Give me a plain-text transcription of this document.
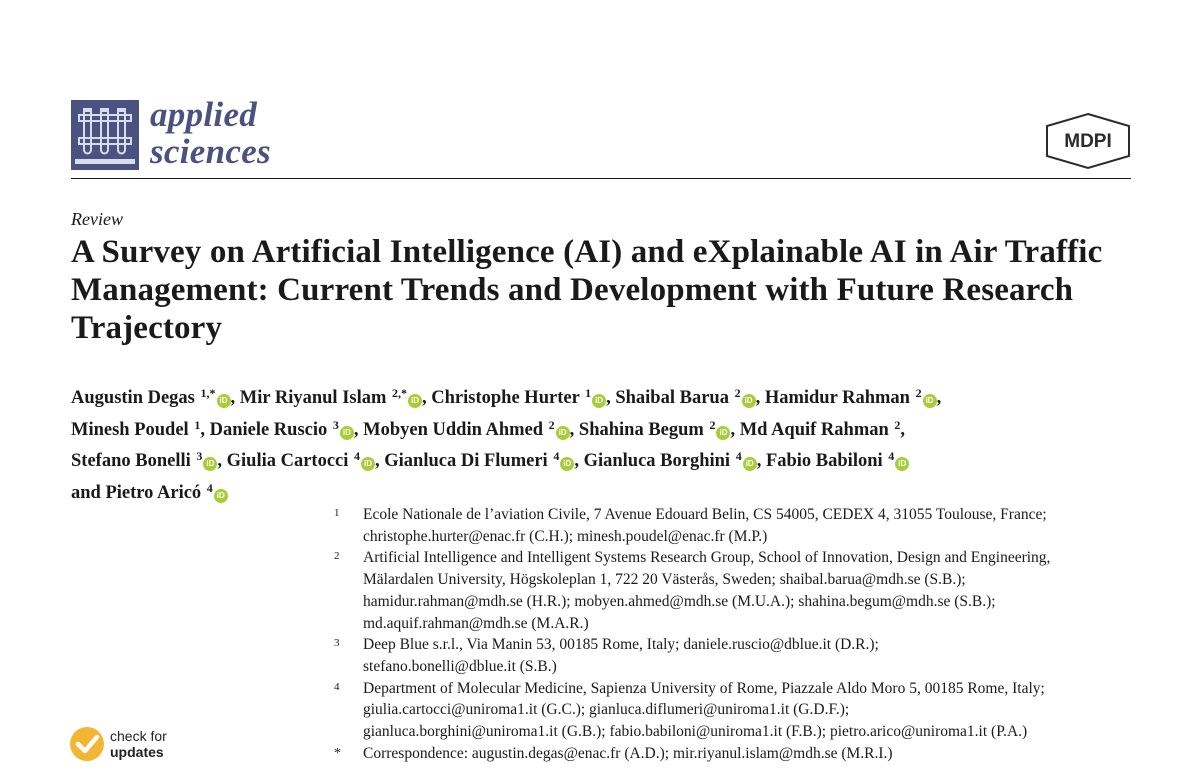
applied
sciences	MDPI
Review
A Survey on Artificial Intelligence (AI) and eXplainable AI in Air Traffic Management: Current Trends and Development with Future Research Trajectory
Augustin Degas $^{1,*}$iD , Mir Riyanul Islam $^{2,*}$iD , Christophe Hurter $^1$iD , Shaibal Barua $^2$iD , Hamidur Rahman $^2$iD ,
Minesh Poudel $^1$, Daniele Ruscio $^3$iD , Mobyen Uddin Ahmed $^2$iD , Shahina Begum $^2$iD , Md Aquif Rahman $^2$,
Stefano Bonelli $^3$iD , Giulia Cartocci $^4$iD , Gianluca Di Flumeri $^4$iD , Gianluca Borghini $^4$iD , Fabio Babiloni $^4$iD
and Pietro Aricó $^4$iD
1 Ecole Nationale de l’aviation Civile, 7 Avenue Edouard Belin, CS 54005, CEDEX 4, 31055 Toulouse, France;
christophe.hurter@enac.fr (C.H.); minesh.poudel@enac.fr (M.P.)
2 Artificial Intelligence and Intelligent Systems Research Group, School of Innovation, Design and Engineering,
Mälardalen University, Högskoleplan 1, 722 20 Västerås, Sweden; shaibal.barua@mdh.se (S.B.);
hamidur.rahman@mdh.se (H.R.); mobyen.ahmed@mdh.se (M.U.A.); shahina.begum@mdh.se (S.B.);
md.aquif.rahman@mdh.se (M.A.R.)
3 Deep Blue s.r.l., Via Manin 53, 00185 Rome, Italy; daniele.ruscio@dblue.it (D.R.);
stefano.bonelli@dblue.it (S.B.)
4 Department of Molecular Medicine, Sapienza University of Rome, Piazzale Aldo Moro 5, 00185 Rome, Italy;
giulia.cartocci@uniroma1.it (G.C.); gianluca.diflumeri@uniroma1.it (G.D.F.);
gianluca.borghini@uniroma1.it (G.B.); fabio.babiloni@uniroma1.it (F.B.); pietro.arico@uniroma1.it (P.A.)
* Correspondence: augustin.degas@enac.fr (A.D.); mir.riyanul.islam@mdh.se (M.R.I.)
check for
updates
